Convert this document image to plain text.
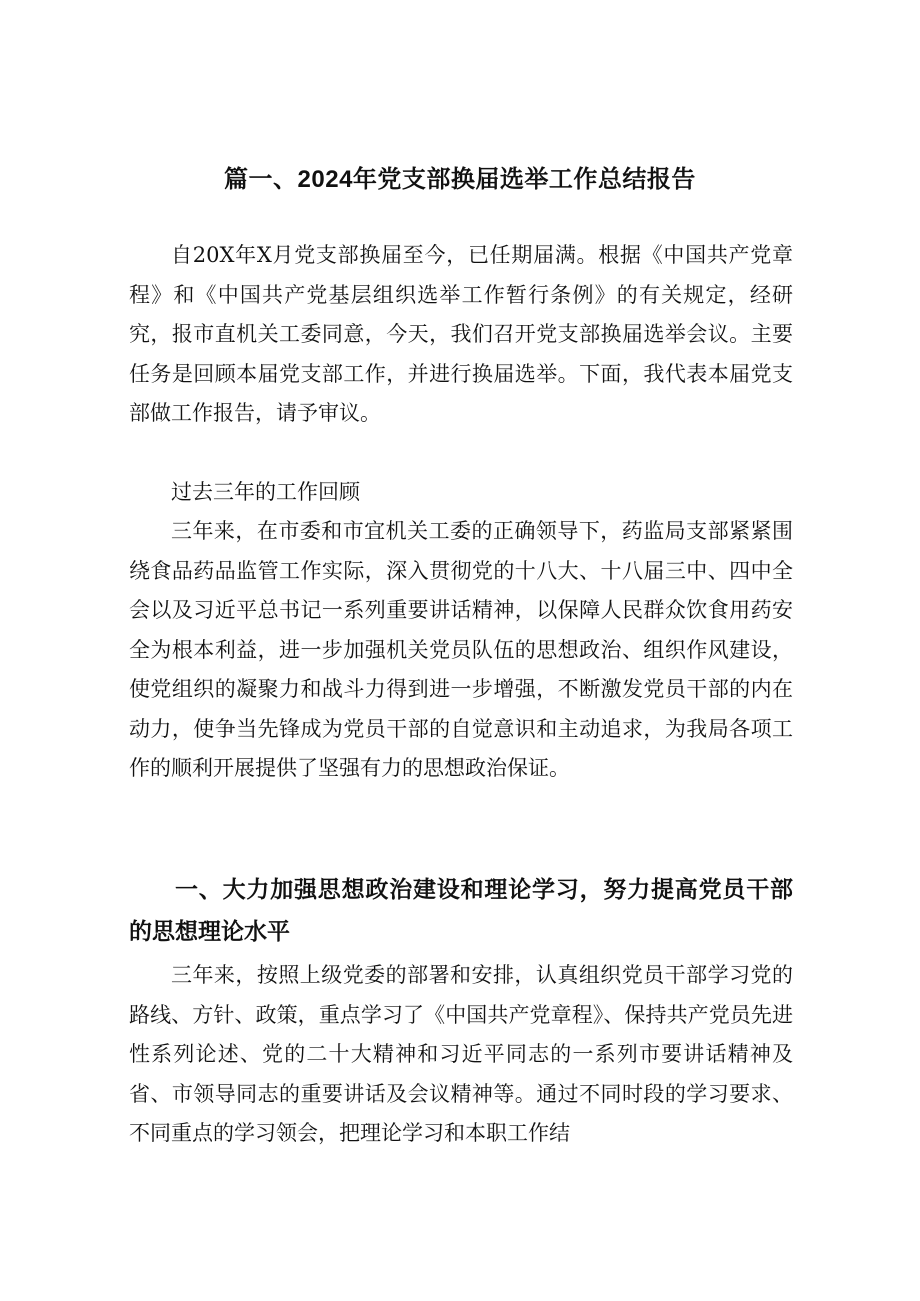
篇一、2024年党支部换届选举工作总结报告

自20X年X月党支部换届至今，已任期届满。根据《中国共产党章程》和《中国共产党基层组织选举工作暂行条例》的有关规定，经研究，报市直机关工委同意，今天，我们召开党支部换届选举会议。主要任务是回顾本届党支部工作，并进行换届选举。下面，我代表本届党支部做工作报告，请予审议。

过去三年的工作回顾

三年来，在市委和市宜机关工委的正确领导下，药监局支部紧紧围绕食品药品监管工作实际，深入贯彻党的十八大、十八届三中、四中全会以及习近平总书记一系列重要讲话精神，以保障人民群众饮食用药安全为根本利益，进一步加强机关党员队伍的思想政治、组织作风建设，使党组织的凝聚力和战斗力得到进一步增强，不断激发党员干部的内在动力，使争当先锋成为党员干部的自觉意识和主动追求，为我局各项工作的顺利开展提供了坚强有力的思想政治保证。

一、大力加强思想政治建设和理论学习，努力提高党员干部的思想理论水平

三年来，按照上级党委的部署和安排，认真组织党员干部学习党的路线、方针、政策，重点学习了《中国共产党章程》、保持共产党员先进性系列论述、党的二十大精神和习近平同志的一系列市要讲话精神及省、市领导同志的重要讲话及会议精神等。通过不同时段的学习要求、不同重点的学习领会，把理论学习和本职工作结
